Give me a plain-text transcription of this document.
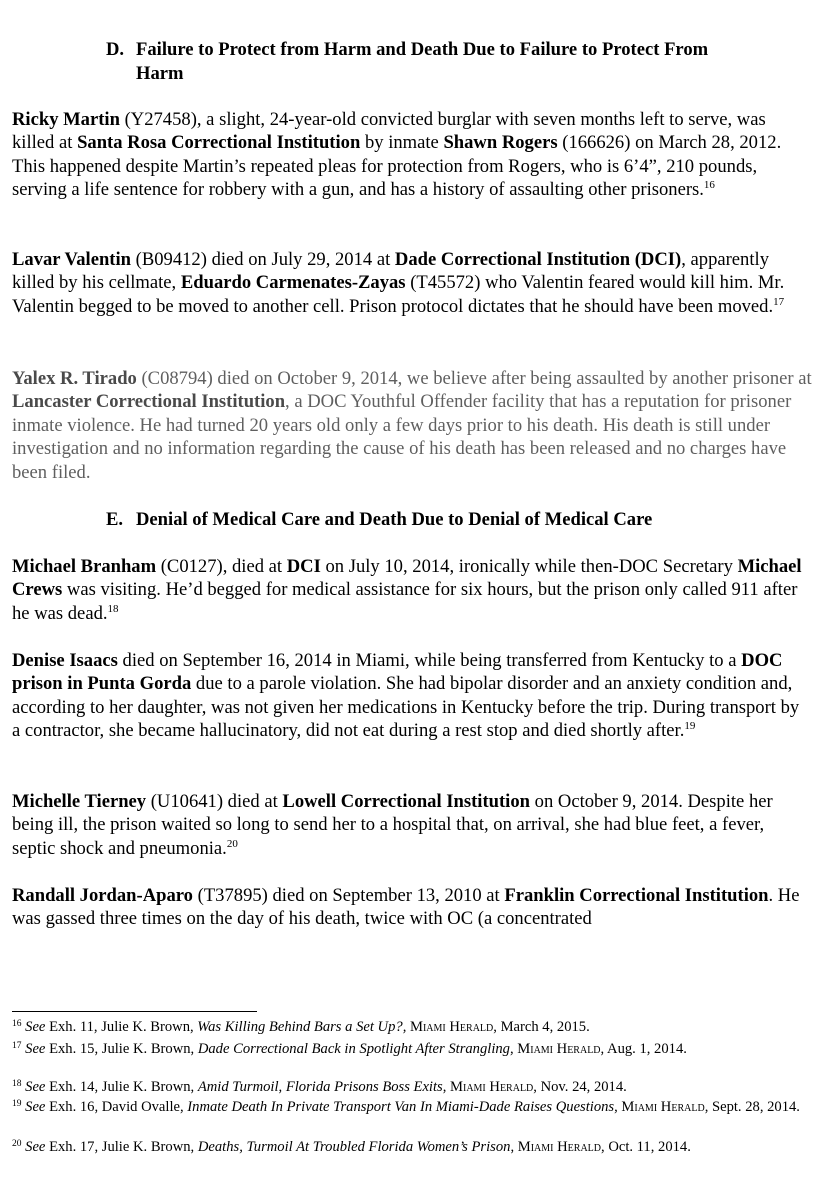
D. Failure to Protect from Harm and Death Due to Failure to Protect From
Harm

Ricky Martin (Y27458), a slight, 24-year-old convicted burglar with seven months left to serve, was killed at Santa Rosa Correctional Institution by inmate Shawn Rogers (166626) on March 28, 2012. This happened despite Martin’s repeated pleas for protection from Rogers, who is 6’4”, 210 pounds, serving a life sentence for robbery with a gun, and has a history of assaulting other prisoners.$^{16}$

Lavar Valentin (B09412) died on July 29, 2014 at Dade Correctional Institution (DCI), apparently killed by his cellmate, Eduardo Carmenates-Zayas (T45572) who Valentin feared would kill him. Mr. Valentin begged to be moved to another cell. Prison protocol dictates that he should have been moved.$^{17}$

Yalex R. Tirado (C08794) died on October 9, 2014, we believe after being assaulted by another prisoner at Lancaster Correctional Institution, a DOC Youthful Offender facility that has a reputation for prisoner inmate violence. He had turned 20 years old only a few days prior to his death. His death is still under investigation and no information regarding the cause of his death has been released and no charges have been filed.

E. Denial of Medical Care and Death Due to Denial of Medical Care

Michael Branham (C0127), died at DCI on July 10, 2014, ironically while then-DOC Secretary Michael Crews was visiting. He’d begged for medical assistance for six hours, but the prison only called 911 after he was dead.$^{18}$

Denise Isaacs died on September 16, 2014 in Miami, while being transferred from Kentucky to a DOC prison in Punta Gorda due to a parole violation. She had bipolar disorder and an anxiety condition and, according to her daughter, was not given her medications in Kentucky before the trip. During transport by a contractor, she became hallucinatory, did not eat during a rest stop and died shortly after.$^{19}$

Michelle Tierney (U10641) died at Lowell Correctional Institution on October 9, 2014. Despite her being ill, the prison waited so long to send her to a hospital that, on arrival, she had blue feet, a fever, septic shock and pneumonia.$^{20}$

Randall Jordan-Aparo (T37895) died on September 13, 2010 at Franklin Correctional Institution. He was gassed three times on the day of his death, twice with OC (a concentrated

$^{16}$ See Exh. 11, Julie K. Brown, Was Killing Behind Bars a Set Up?, Miami Herald, March 4, 2015.

$^{17}$ See Exh. 15, Julie K. Brown, Dade Correctional Back in Spotlight After Strangling, Miami Herald, Aug. 1, 2014.

$^{18}$ See Exh. 14, Julie K. Brown, Amid Turmoil, Florida Prisons Boss Exits, Miami Herald, Nov. 24, 2014.

$^{19}$ See Exh. 16, David Ovalle, Inmate Death In Private Transport Van In Miami-Dade Raises Questions, Miami Herald, Sept. 28, 2014.

$^{20}$ See Exh. 17, Julie K. Brown, Deaths, Turmoil At Troubled Florida Women’s Prison, Miami Herald, Oct. 11, 2014.
